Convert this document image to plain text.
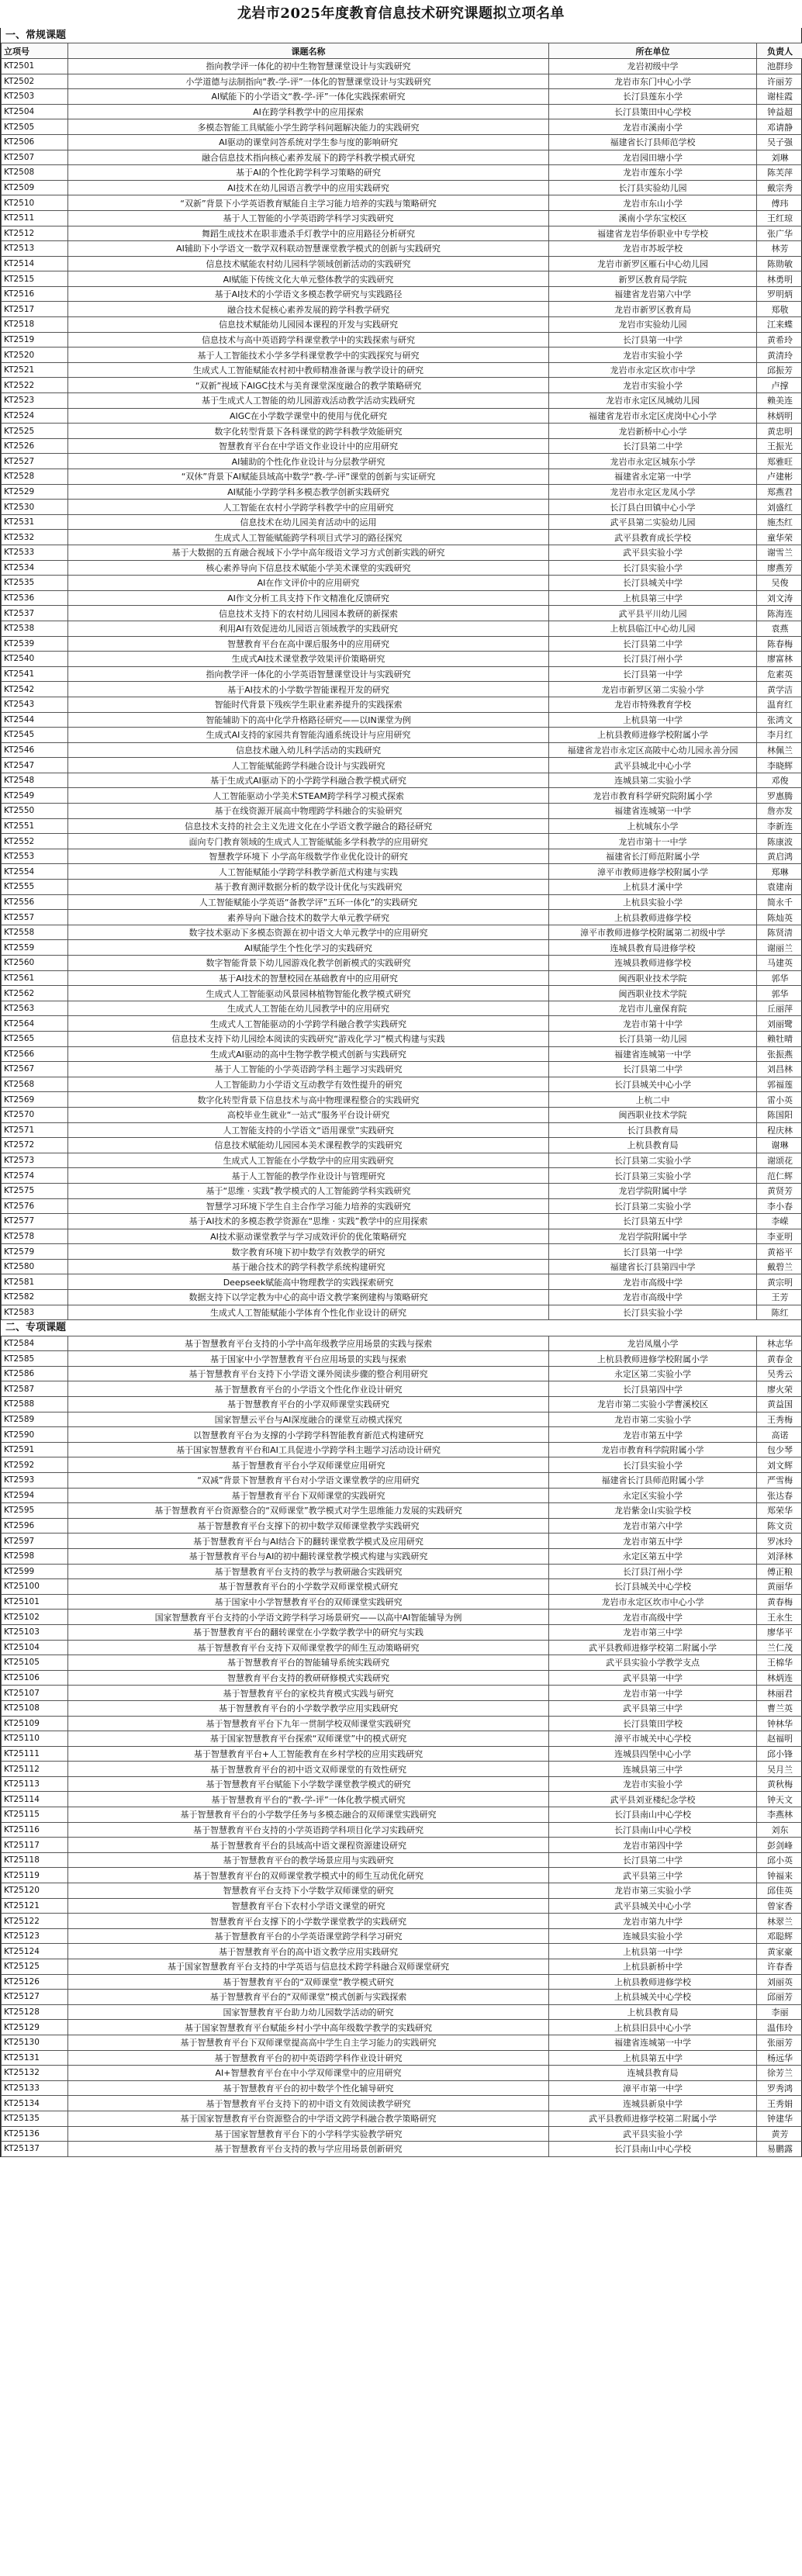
龙岩市2025年度教育信息技术研究课题拟立项名单
一、常规课题
立项号	课题名称	所在单位	负责人
KT2501	指向教学评一体化的初中生物智慧课堂设计与实践研究	龙岩初级中学	池群珍
KT2502	小学道德与法制指向“教-学-评”一体化的智慧课堂设计与实践研究	龙岩市东门中心小学	许丽芳
KT2503	AI赋能下的小学语文“教-学-评”一体化实践探索研究	长汀县莲东小学	谢桂霞
KT2504	AI在跨学科教学中的应用探索	长汀县策田中心学校	钟益超
KT2505	多模态智能工具赋能小学生跨学科问题解决能力的实践研究	龙岩市溪南小学	邓请静
KT2506	AI驱动的课堂问答系统对学生参与度的影响研究	福建省长汀县师范学校	吴子强
KT2507	融合信息技术指向核心素养发展下的跨学科教学模式研究	龙岩园田塘小学	刘琳
KT2508	基于AI的个性化跨学科学习策略的研究	龙岩市莲东小学	陈芙萍
KT2509	AI技术在幼儿园语言教学中的应用实践研究	长汀县实验幼儿园	戴宗秀
KT2510	“双新”背景下小学英语教育赋能自主学习能力培养的实践与策略研究	龙岩市东山小学	傅玮
KT2511	基于人工智能的小学英语跨学科学习实践研究	溪南小学东宝校区	王红琼
KT2512	舞蹈生成技术在职非遗杀手灯教学中的应用路径分析研究	福建省龙岩华侨职业中专学校	张广华
KT2513	AI辅助下小学语文一数学双科联动智慧课堂教学模式的创新与实践研究	龙岩市苏坂学校	林芳
KT2514	信息技术赋能农村幼儿园科学领域创新活动的实践研究	龙岩市新罗区雁石中心幼儿园	陈勋敏
KT2515	AI赋能下传统文化大单元整体教学的实践研究	新罗区教育局学院	林勇明
KT2516	基于AI技术的小学语文多模态教学研究与实践路径	福建省龙岩第六中学	罗明炳
KT2517	融合技术促核心素养发展的跨学科教学研究	龙岩市新罗区教育局	郑敬
KT2518	信息技术赋能幼儿园园本课程的开发与实践研究	龙岩市实验幼儿园	江来蝶
KT2519	信息技术与高中英语跨学科课堂教学中的实践探索与研究	长汀县第一中学	黄希玲
KT2520	基于人工智能技术小学多学科课堂教学中的实践探究与研究	龙岩市实验小学	黄清玲
KT2521	生成式人工智能赋能农村初中教师精准备课与教学设计的研究	龙岩市永定区坎市中学	邱振芳
KT2522	“双新”视域下AIGC技术与美育课堂深度融合的教学策略研究	龙岩市实验小学	卢撑
KT2523	基于生成式人工智能的幼儿园游戏活动教学活动实践研究	龙岩市永定区凤城幼儿园	赖美连
KT2524	AIGC在小学数学课堂中的使用与优化研究	福建省龙岩市永定区虎岗中心小学	林炳明
KT2525	数字化转型背景下各科课堂的跨学科教学效能研究	龙岩新桥中心小学	黄忠明
KT2526	智慧教育平台在中学语文作业设计中的应用研究	长汀县第二中学	王振光
KT2527	AI辅助的个性化作业设计与分层教学研究	龙岩市永定区城东小学	郑雅旺
KT2528	“双休”背景下AI赋能县域高中数学“教-学-评”课堂的创新与实证研究	福建省永定第一中学	卢建彬
KT2529	AI赋能小学跨学科多模态教学创新实践研究	龙岩市永定区龙凤小学	郑燕君
KT2530	人工智能在农村小学跨学科教学中的应用研究	长汀县白田镇中心小学	刘盛红
KT2531	信息技术在幼儿园美育活动中的运用	武平县第二实验幼儿园	施杰红
KT2532	生成式人工智能赋能跨学科项目式学习的路径探究	武平县教育成长学校	童华荣
KT2533	基于大数据的五育融合视域下小学中高年级语文学习方式创新实践的研究	武平县实验小学	谢雪兰
KT2534	核心素养导向下信息技术赋能小学美术课堂的实践研究	长汀县实验小学	廖燕芳
KT2535	AI在作文评价中的应用研究	长汀县城关中学	吴俊
KT2536	AI作文分析工具支持下作文精准化反馈研究	上杭县第三中学	刘文涛
KT2537	信息技术支持下的农村幼儿园园本教研的新探索	武平县平川幼儿园	陈海连
KT2538	利用AI有效促进幼儿园语言领域教学的实践研究	上杭县临江中心幼儿园	袁燕
KT2539	智慧教育平台在高中课后服务中的应用研究	长汀县第二中学	陈春梅
KT2540	生成式AI技术课堂教学效果评价策略研究	长汀县汀州小学	廖富林
KT2541	指向教学评一体化的小学英语智慧课堂设计与实践研究	长汀县第一中学	危素英
KT2542	基于AI技术的小学数学智能课程开发的研究	龙岩市新罗区第二实验小学	黄学洁
KT2543	智能时代背景下残疾学生职业素养提升的实践探索	龙岩市特殊教育学校	温育红
KT2544	智能辅助下的高中化学升格路径研究——以IN课堂为例	上杭县第一中学	张鸿文
KT2545	生成式AI支持的家园共育智能沟通系统设计与应用研究	上杭县教师进修学校附属小学	李月红
KT2546	信息技术融入幼儿科学活动的实践研究	福建省龙岩市永定区高陂中心幼儿园永善分园	林佩兰
KT2547	人工智能赋能跨学科融合设计与实践研究	武平县城北中心小学	李晓辉
KT2548	基于生成式AI驱动下的小学跨学科融合教学模式研究	连城县第二实验小学	邓俊
KT2549	人工智能驱动小学美术STEAM跨学科学习模式探索	龙岩市教育科学研究院附属小学	罗惠腾
KT2550	基于在线资源开展高中物理跨学科融合的实验研究	福建省连城第一中学	詹亦发
KT2551	信息技术支持的社会主义先进文化在小学语文教学融合的路径研究	上杭城东小学	李新连
KT2552	面向专门教育领域的生成式人工智能赋能多学科教学的应用研究	龙岩市第十一中学	陈康波
KT2553	智慧教学环境下 小学高年级数学作业优化设计的研究	福建省长汀师范附属小学	黄启鸿
KT2554	人工智能赋能小学跨学科教学新范式构建与实践	漳平市教师进修学校附属小学	郑琳
KT2555	基于教育测评数据分析的数学设计优化与实践研究	上杭县才溪中学	袁建南
KT2556	人工智能赋能小学英语“备教学评”五环一体化”的实践研究	上杭县实验小学	简永千
KT2557	素养导向下融合技术的数学大单元教学研究	上杭县教师进修学校	陈灿英
KT2558	数字技术驱动下多模态资源在初中语文大单元教学中的应用研究	漳平市教师进修学校附属第二初级中学	陈贤清
KT2559	AI赋能学生个性化学习的实践研究	连城县教育局进修学校	谢丽兰
KT2560	数字智能背景下幼儿园游戏化教学创新模式的实践研究	连城县教师进修学校	马建英
KT2561	基于AI技术的智慧校园在基础教育中的应用研究	闽西职业技术学院	郭华
KT2562	生成式人工智能驱动风景园林植物智能化教学模式研究	闽西职业技术学院	郭华
KT2563	生成式人工智能在幼儿园教学中的应用研究	龙岩市儿童保育院	丘丽萍
KT2564	生成式人工智能驱动的小学跨学科融合教学实践研究	龙岩市第十中学	刘丽鹭
KT2565	信息技术支持下幼儿园绘本阅读的实践研究“游戏化学习”模式构建与实践	长汀县第一幼儿园	赖牡晴
KT2566	生成式AI驱动的高中生物学教学模式创新与实践研究	福建省连城第一中学	张振燕
KT2567	基于人工智能的小学英语跨学科主题学习实践研究	长汀县第二中学	刘昌林
KT2568	人工智能助力小学语文互动教学有效性提升的研究	长汀县城关中心小学	郭福莲
KT2569	数字化转型背景下信息技术与高中物理课程整合的实践研究	上杭二中	雷小英
KT2570	高校毕业生就业“一站式”服务平台设计研究	闽西职业技术学院	陈国阳
KT2571	人工智能支持的小学语文“语用课堂”实践研究	长汀县教育局	程庆林
KT2572	信息技术赋能幼儿园园本美术课程教学的实践研究	上杭县教育局	谢琳
KT2573	生成式人工智能在小学数学中的应用实践研究	长汀县第二实验小学	谢颂花
KT2574	基于人工智能的教学作业设计与管理研究	长汀县第三实验小学	范仁辉
KT2575	基于“思维 · 实践”教学模式的人工智能跨学科实践研究	龙岩学院附属中学	黄贤芳
KT2576	智慧学习环境下学生自主合作学习能力培养的实践研究	长汀县第二实验小学	李小春
KT2577	基于AI技术的多模态教学资源在“思维 · 实践”教学中的应用探索	长汀县第五中学	李嵘
KT2578	AI技术驱动课堂教学与学习成效评价的优化策略研究	龙岩学院附属中学	李亚明
KT2579	数字教育环境下初中数学有效教学的研究	长汀县第一中学	黄裕平
KT2580	基于融合技术的跨学科教学系统构建研究	福建省长汀县第四中学	戴碧兰
KT2581	Deepseek赋能高中物理教学的实践探索研究	龙岩市高级中学	黄宗明
KT2582	数据支持下以学定教为中心的高中语文教学案例建构与策略研究	龙岩市高级中学	王芳
KT2583	生成式人工智能赋能小学体育个性化作业设计的研究	长汀县实验小学	陈红
二、专项课题
KT2584	基于智慧教育平台支持的小学中高年级教学应用场景的实践与探索	龙岩凤凰小学	林志华
KT2585	基于国家中小学智慧教育平台应用场景的实践与探索	上杭县教师进修学校附属小学	黄春金
KT2586	基于智慧教育平台支持下小学语文课外阅读步骤的整合利用研究	永定区第二实验小学	吴秀云
KT2587	基于智慧教育平台的小学语文个性化作业设计研究	长汀县第四中学	廖火荣
KT2588	基于智慧教育平台的小学双师课堂实践研究	龙岩市第二实验小学曹溪校区	黄益国
KT2589	国家智慧云平台与AI深度融合的课堂互动模式探究	龙岩市第二实验小学	王秀梅
KT2590	以智慧教育平台为支撑的小学跨学科智能教育新范式构建研究	龙岩市第五中学	高诺
KT2591	基于国家智慧教育平台和AI工具促进小学跨学科主题学习活动设计研究	龙岩市教育科学院附属小学	包少琴
KT2592	基于智慧教育平台小学双师课堂应用研究	长汀县实验小学	刘文辉
KT2593	“双减”背景下智慧教育平台对小学语文课堂教学的应用研究	福建省长汀县师范附属小学	严雪梅
KT2594	基于智慧教育平台下双师课堂的实践研究	永定区实验小学	张达春
KT2595	基于智慧教育平台资源整合的“双师课堂”教学模式对学生思维能力发展的实践研究	龙岩紫金山实验学校	郑荣华
KT2596	基于智慧教育平台支撑下的初中数学双师课堂教学实践研究	龙岩市第六中学	陈文贡
KT2597	基于智慧教育平台与AI结合下的翻转课堂教学模式及应用研究	龙岩市第五中学	罗冰玲
KT2598	基于智慧教育平台与AI的初中翻转课堂教学模式构建与实践研究	永定区第五中学	刘泽林
KT2599	基于智慧教育平台支持的教学与教研融合实践研究	长汀县汀州小学	傅正粮
KT25100	基于智慧教育平台的小学数学双师课堂模式研究	长汀县城关中心学校	黄丽华
KT25101	基于国家中小学智慧教育平台的双师课堂实践研究	龙岩市永定区坎市中心小学	黄春梅
KT25102	国家智慧教育平台支持的小学语文跨学科学习场景研究——以高中AI智能辅导为例	龙岩市高级中学	王永生
KT25103	基于智慧教育平台的翻转课堂在小学数学教学中的研究与实践	龙岩市第三中学	廖华平
KT25104	基于智慧教育平台支持下双师课堂教学的师生互动策略研究	武平县教师进修学校第二附属小学	兰仁茂
KT25105	基于智慧教育平台的智能辅导系统实践研究	武平县实验小学教学支点	王棉华
KT25106	智慧教育平台支持的教研研修模式实践研究	武平县第一中学	林炳连
KT25107	基于智慧教育平台的家校共育模式实践与研究	龙岩市第一中学	林丽君
KT25108	基于智慧教育平台的小学数学教学应用实践研究	武平县第三中学	曹兰英
KT25109	基于智慧教育平台下九年一贯制学校双师课堂实践研究	长汀县策田学校	钟林华
KT25110	基于国家智慧教育平台探索“双师课堂”中的模式研究	漳平市城关中心学校	赵福明
KT25111	基于智慧教育平台+人工智能教育在乡村学校的应用实践研究	连城县四堡中心小学	邱小锋
KT25112	基于智慧教育平台的初中语文双师课堂的有效性研究	连城县第三中学	吴月兰
KT25113	基于智慧教育平台赋能下小学数学课堂教学模式的研究	龙岩市实验小学	黄秋梅
KT25114	基于智慧教育平台的“教-学-评”一体化教学模式研究	武平县刘亚楼纪念学校	钟天文
KT25115	基于智慧教育平台的小学数学任务与多模态融合的双师课堂实践研究	长汀县南山中心学校	李燕林
KT25116	基于智慧教育平台支持的小学英语跨学科项目化学习实践研究	长汀县南山中心学校	刘东
KT25117	基于智慧教育平台的县域高中语文课程资源建设研究	龙岩市第四中学	彭剑峰
KT25118	基于智慧教育平台的教学场景应用与实践研究	长汀县第二中学	邱小英
KT25119	基于智慧教育平台的双师课堂教学模式中的师生互动优化研究	武平县第三中学	钟福来
KT25120	智慧教育平台支持下小学数学双师课堂的研究	龙岩市第三实验小学	邱佳英
KT25121	智慧教育平台下农村小学语文课堂的研究	武平县城关中心小学	曾家香
KT25122	智慧教育平台支撑下的小学数学课堂教学的实践研究	龙岩市第九中学	林翠兰
KT25123	基于智慧教育平台的小学英语课堂跨学科学习研究	连城县实验小学	邓聪辉
KT25124	基于智慧教育平台的高中语文教学应用实践研究	上杭县第一中学	黄家豪
KT25125	基于国家智慧教育平台支持的中学英语与信息技术跨学科融合双师课堂研究	上杭县新桥中学	许春香
KT25126	基于智慧教育平台的“双师课堂”教学模式研究	上杭县教师进修学校	刘丽英
KT25127	基于智慧教育平台的“双师课堂”模式创新与实践探索	上杭县城关中心学校	邱丽芳
KT25128	国家智慧教育平台助力幼儿园数学活动的研究	上杭县教育局	李丽
KT25129	基于国家智慧教育平台赋能乡村小学中高年级数学教学的实践研究	上杭县旧县中心小学	温伟玲
KT25130	基于智慧教育平台下双师课堂提高高中学生自主学习能力的实践研究	福建省连城第一中学	张丽芳
KT25131	基于智慧教育平台的初中英语跨学科作业设计研究	上杭县第五中学	杨远华
KT25132	AI+智慧教育平台在中小学双师课堂中的应用研究	连城县教育局	徐芳兰
KT25133	基于智慧教育平台的初中数学个性化辅导研究	漳平市第一中学	罗秀鸿
KT25134	基于智慧教育平台支持下的初中语文有效阅读教学研究	连城县新泉中学	王秀娟
KT25135	基于国家智慧教育平台资源整合的中学语文跨学科融合教学策略研究	武平县教师进修学校第二附属小学	钟建华
KT25136	基于国家智慧教育平台下的小学科学实验教学研究	武平县实验小学	黄芳
KT25137	基于智慧教育平台支持的教与学应用场景创新研究	长汀县南山中心学校	易鹏露
